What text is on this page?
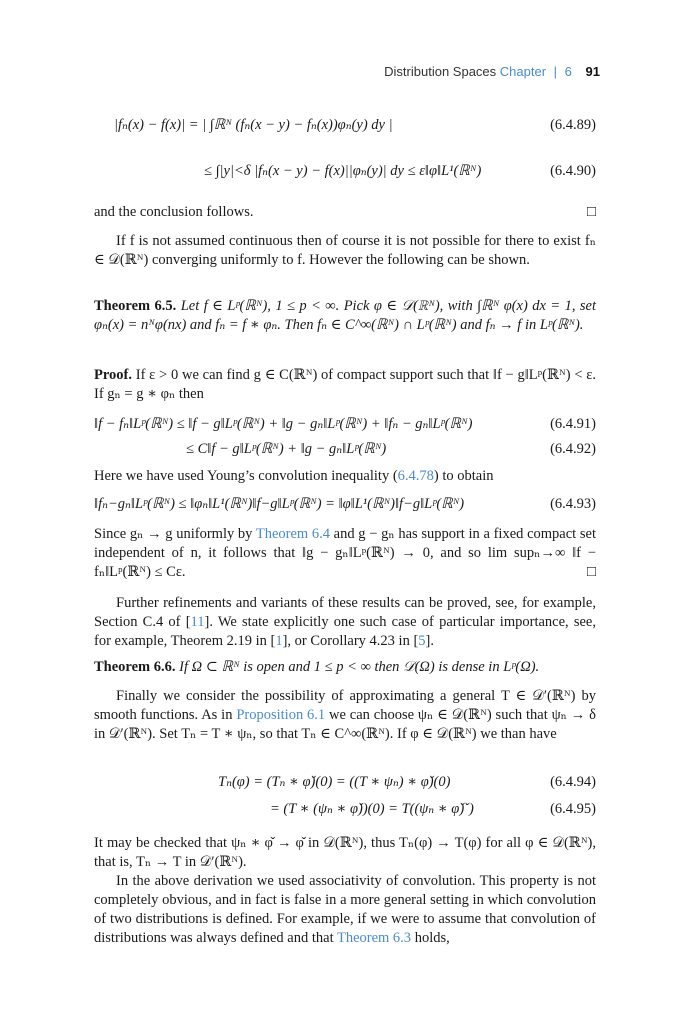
Distribution Spaces Chapter | 6 91
|fₙ(x) − f(x)| = | ∫ℝᴺ (fₙ(x − y) − fₙ(x))φₙ(y) dy |	(6.4.89)
≤ ∫|y|<δ |fₙ(x − y) − f(x)||φₙ(y)| dy ≤ ε‖φ‖L¹(ℝᴺ)	(6.4.90)
and the conclusion follows.	□

If f is not assumed continuous then of course it is not possible for there to exist fₙ ∈ 𝒟(ℝᴺ) converging uniformly to f. However the following can be shown.

Theorem 6.5. Let f ∈ Lᵖ(ℝᴺ), 1 ≤ p < ∞. Pick φ ∈ 𝒟(ℝᴺ), with ∫ℝᴺ φ(x) dx = 1, set φₙ(x) = nᴺφ(nx) and fₙ = f ∗ φₙ. Then fₙ ∈ C^∞(ℝᴺ) ∩ Lᵖ(ℝᴺ) and fₙ → f in Lᵖ(ℝᴺ).

Proof. If ε > 0 we can find g ∈ C(ℝᴺ) of compact support such that ‖f − g‖Lᵖ(ℝᴺ) < ε. If gₙ = g ∗ φₙ then

‖f − fₙ‖Lᵖ(ℝᴺ) ≤ ‖f − g‖Lᵖ(ℝᴺ) + ‖g − gₙ‖Lᵖ(ℝᴺ) + ‖fₙ − gₙ‖Lᵖ(ℝᴺ)	(6.4.91)
≤ C‖f − g‖Lᵖ(ℝᴺ) + ‖g − gₙ‖Lᵖ(ℝᴺ)	(6.4.92)

Here we have used Young’s convolution inequality (6.4.78) to obtain

‖fₙ−gₙ‖Lᵖ(ℝᴺ) ≤ ‖φₙ‖L¹(ℝᴺ)‖f−g‖Lᵖ(ℝᴺ) = ‖φ‖L¹(ℝᴺ)‖f−g‖Lᵖ(ℝᴺ)	(6.4.93)

Since gₙ → g uniformly by Theorem 6.4 and g − gₙ has support in a fixed compact set independent of n, it follows that ‖g − gₙ‖Lᵖ(ℝᴺ) → 0, and so lim supₙ→∞ ‖f − fₙ‖Lᵖ(ℝᴺ) ≤ Cε.	□

Further refinements and variants of these results can be proved, see, for example, Section C.4 of [11]. We state explicitly one such case of particular importance, see, for example, Theorem 2.19 in [1], or Corollary 4.23 in [5].

Theorem 6.6. If Ω ⊂ ℝᴺ is open and 1 ≤ p < ∞ then 𝒟(Ω) is dense in Lᵖ(Ω).

Finally we consider the possibility of approximating a general T ∈ 𝒟′(ℝᴺ) by smooth functions. As in Proposition 6.1 we can choose ψₙ ∈ 𝒟(ℝᴺ) such that ψₙ → δ in 𝒟′(ℝᴺ). Set Tₙ = T ∗ ψₙ, so that Tₙ ∈ C^∞(ℝᴺ). If φ ∈ 𝒟(ℝᴺ) we than have

Tₙ(φ) = (Tₙ ∗ φ̌)(0) = ((T ∗ ψₙ) ∗ φ̌)(0)	(6.4.94)
= (T ∗ (ψₙ ∗ φ̌))(0) = T((ψₙ ∗ φ̌)ˇ)	(6.4.95)

It may be checked that ψₙ ∗ φ̌ → φ̌ in 𝒟(ℝᴺ), thus Tₙ(φ) → T(φ) for all φ ∈ 𝒟(ℝᴺ), that is, Tₙ → T in 𝒟′(ℝᴺ).

In the above derivation we used associativity of convolution. This property is not completely obvious, and in fact is false in a more general setting in which convolution of two distributions is defined. For example, if we were to assume that convolution of distributions was always defined and that Theorem 6.3 holds,
